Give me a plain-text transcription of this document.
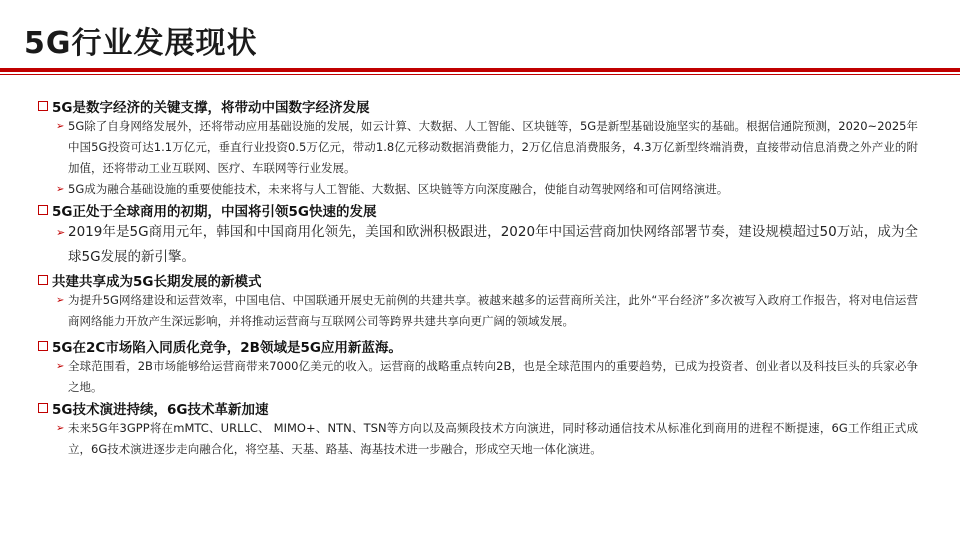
5G行业发展现状
5G是数字经济的关键支撑，将带动中国数字经济发展
➢ 5G除了自身网络发展外，还将带动应用基础设施的发展，如云计算、大数据、人工智能、区块链等，5G是新型基础设施坚实的基础。根据信通院预测，2020~2025年中国5G投资可达1.1万亿元，垂直行业投资0.5万亿元，带动1.8亿元移动数据消费能力，2万亿信息消费服务，4.3万亿新型终端消费，直接带动信息消费之外产业的附加值，还将带动工业互联网、医疗、车联网等行业发展。
➢ 5G成为融合基础设施的重要使能技术，未来将与人工智能、大数据、区块链等方向深度融合，使能自动驾驶网络和可信网络演进。
5G正处于全球商用的初期，中国将引领5G快速的发展
➢ 2019年是5G商用元年，韩国和中国商用化领先，美国和欧洲积极跟进，2020年中国运营商加快网络部署节奏，建设规模超过50万站，成为全球5G发展的新引擎。
共建共享成为5G长期发展的新模式
➢ 为提升5G网络建设和运营效率，中国电信、中国联通开展史无前例的共建共享。被越来越多的运营商所关注，此外“平台经济”多次被写入政府工作报告，将对电信运营商网络能力开放产生深远影响，并将推动运营商与互联网公司等跨界共建共享向更广阔的领域发展。
5G在2C市场陷入同质化竞争，2B领域是5G应用新蓝海。
➢ 全球范围看，2B市场能够给运营商带来7000亿美元的收入。运营商的战略重点转向2B，也是全球范围内的重要趋势，已成为投资者、创业者以及科技巨头的兵家必争之地。
5G技术演进持续，6G技术革新加速
➢ 未来5G年3GPP将在mMTC、URLLC、 MIMO+、NTN、TSN等方向以及高频段技术方向演进，同时移动通信技术从标准化到商用的进程不断提速，6G工作组正式成立，6G技术演进逐步走向融合化，将空基、天基、路基、海基技术进一步融合，形成空天地一体化演进。
